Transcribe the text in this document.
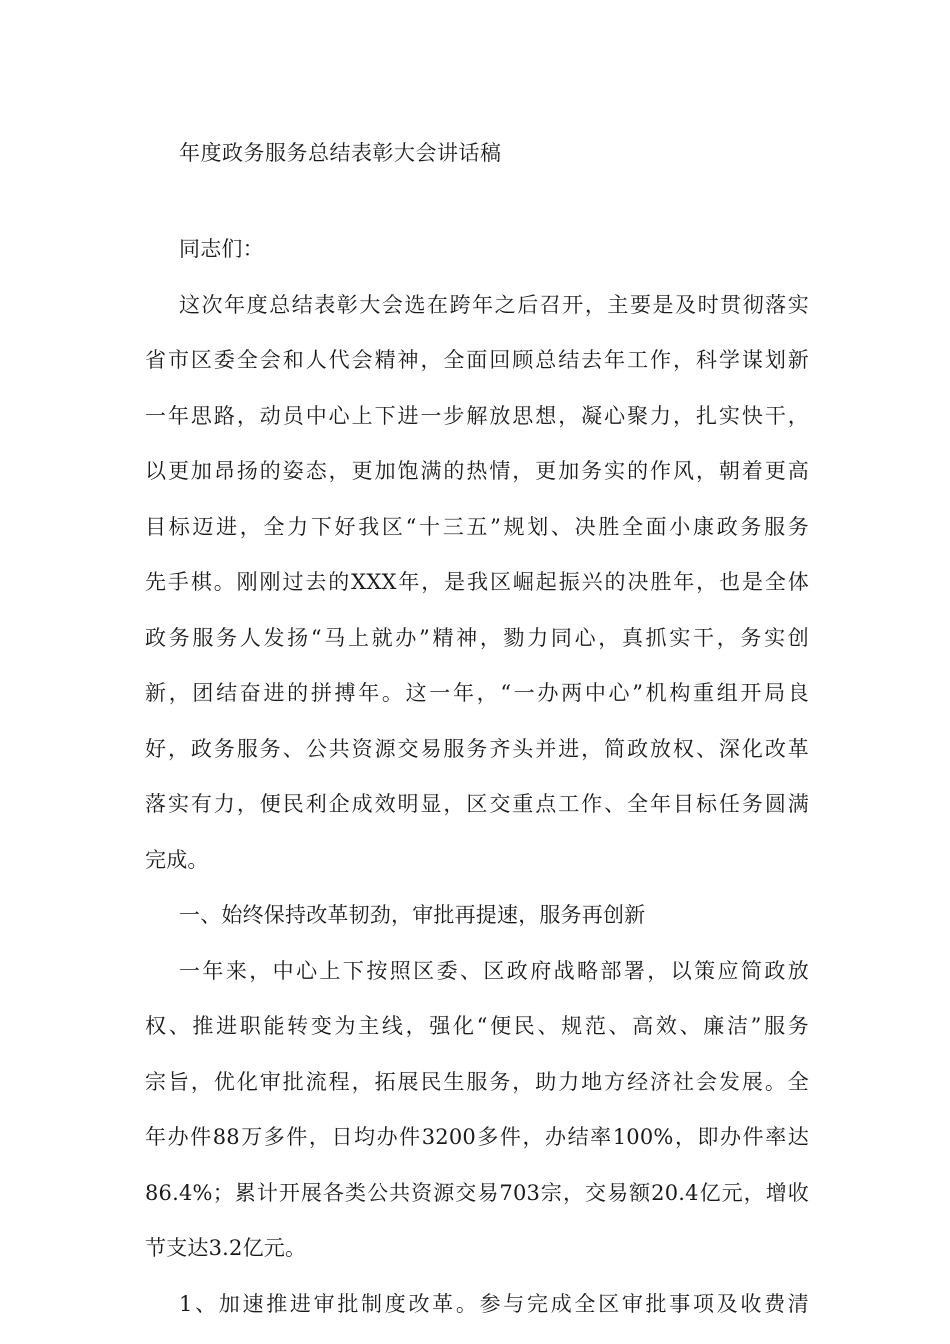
年度政务服务总结表彰大会讲话稿
同志们：
这次年度总结表彰大会选在跨年之后召开，主要是及时贯彻落实
省市区委全会和人代会精神，全面回顾总结去年工作，科学谋划新
一年思路，动员中心上下进一步解放思想，凝心聚力，扎实快干，
以更加昂扬的姿态，更加饱满的热情，更加务实的作风，朝着更高
目标迈进，全力下好我区“十三五”规划、决胜全面小康政务服务
先手棋。刚刚过去的XXX年，是我区崛起振兴的决胜年，也是全体
政务服务人发扬“马上就办”精神，勠力同心，真抓实干，务实创
新，团结奋进的拼搏年。这一年，“一办两中心”机构重组开局良
好，政务服务、公共资源交易服务齐头并进，简政放权、深化改革
落实有力，便民利企成效明显，区交重点工作、全年目标任务圆满
完成。
一、始终保持改革韧劲，审批再提速，服务再创新
一年来，中心上下按照区委、区政府战略部署，以策应简政放
权、推进职能转变为主线，强化“便民、规范、高效、廉洁”服务
宗旨，优化审批流程，拓展民生服务，助力地方经济社会发展。全
年办件88万多件，日均办件3200多件，办结率100%，即办件率达
86.4%；累计开展各类公共资源交易703宗，交易额20.4亿元，增收
节支达3.2亿元。
1、加速推进审批制度改革。参与完成全区审批事项及收费清
